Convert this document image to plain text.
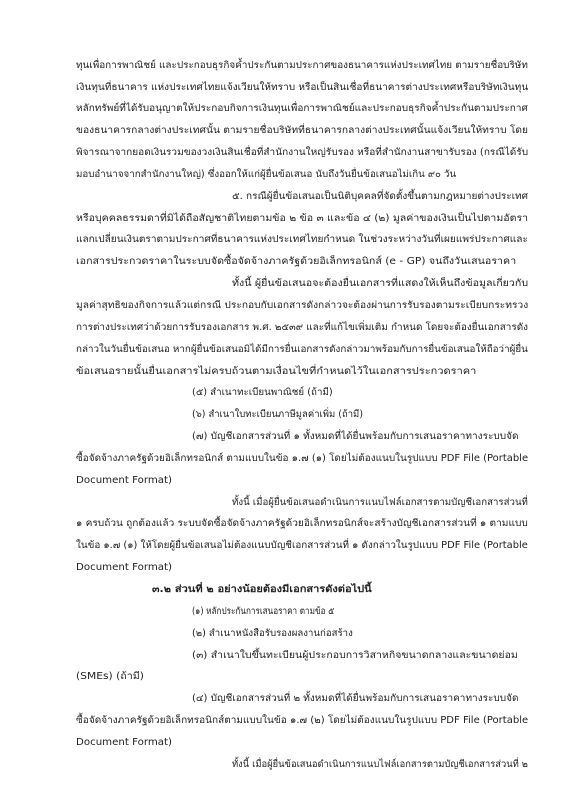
ทุนเพื่อการพาณิชย์ และประกอบธุรกิจค้ำประกันตามประกาศของธนาคารแห่งประเทศไทย ตามรายชื่อบริษัท
เงินทุนที่ธนาคาร แห่งประเทศไทยแจ้งเวียนให้ทราบ หรือเป็นสินเชื่อที่ธนาคารต่างประเทศหรือบริษัทเงินทุน
หลักทรัพย์ที่ได้รับอนุญาตให้ประกอบกิจการเงินทุนเพื่อการพาณิชย์และประกอบธุรกิจค้ำประกันตามประกาศ
ของธนาคารกลางต่างประเทศนั้น ตามรายชื่อบริษัทที่ธนาคารกลางต่างประเทศนั้นแจ้งเวียนให้ทราบ โดย
พิจารณาจากยอดเงินรวมของวงเงินสินเชื่อที่สำนักงานใหญ่รับรอง หรือที่สำนักงานสาขารับรอง (กรณีได้รับ
มอบอำนาจจากสำนักงานใหญ่) ซึ่งออกให้แก่ผู้ยื่นข้อเสนอ นับถึงวันยื่นข้อเสนอไม่เกิน ๙๐ วัน
๕. กรณีผู้ยื่นข้อเสนอเป็นนิติบุคคลที่จัดตั้งขึ้นตามกฎหมายต่างประเทศ
หรือบุคคลธรรมดาที่มิได้ถือสัญชาติไทยตามข้อ ๒ ข้อ ๓ และข้อ ๔ (๒) มูลค่าของเงินเป็นไปตามอัตรา
แลกเปลี่ยนเงินตราตามประกาศที่ธนาคารแห่งประเทศไทยกำหนด ในช่วงระหว่างวันที่เผยแพร่ประกาศและ
เอกสารประกวดราคาในระบบจัดซื้อจัดจ้างภาครัฐด้วยอิเล็กทรอนิกส์ (e - GP) จนถึงวันเสนอราคา
ทั้งนี้ ผู้ยื่นข้อเสนอจะต้องยื่นเอกสารที่แสดงให้เห็นถึงข้อมูลเกี่ยวกับ
มูลค่าสุทธิของกิจการแล้วแต่กรณี ประกอบกับเอกสารดังกล่าวจะต้องผ่านการรับรองตามระเบียบกระทรวง
การต่างประเทศว่าด้วยการรับรองเอกสาร พ.ศ. ๒๕๓๙ และที่แก้ไขเพิ่มเติม กำหนด โดยจะต้องยื่นเอกสารดัง
กล่าวในวันยื่นข้อเสนอ หากผู้ยื่นข้อเสนอมิได้มีการยื่นเอกสารดังกล่าวมาพร้อมกับการยื่นข้อเสนอให้ถือว่าผู้ยื่น
ข้อเสนอรายนั้นยื่นเอกสารไม่ครบถ้วนตามเงื่อนไขที่กำหนดไว้ในเอกสารประกวดราคา
(๕) สำเนาทะเบียนพาณิชย์ (ถ้ามี)
(๖) สำเนาใบทะเบียนภาษีมูลค่าเพิ่ม (ถ้ามี)
(๗) บัญชีเอกสารส่วนที่ ๑ ทั้งหมดที่ได้ยื่นพร้อมกับการเสนอราคาทางระบบจัด
ซื้อจัดจ้างภาครัฐด้วยอิเล็กทรอนิกส์ ตามแบบในข้อ ๑.๗ (๑) โดยไม่ต้องแนบในรูปแบบ PDF File (Portable
Document Format)
ทั้งนี้ เมื่อผู้ยื่นข้อเสนอดำเนินการแนบไฟล์เอกสารตามบัญชีเอกสารส่วนที่
๑ ครบถ้วน ถูกต้องแล้ว ระบบจัดซื้อจัดจ้างภาครัฐด้วยอิเล็กทรอนิกส์จะสร้างบัญชีเอกสารส่วนที่ ๑ ตามแบบ
ในข้อ ๑.๗ (๑) ให้โดยผู้ยื่นข้อเสนอไม่ต้องแนบบัญชีเอกสารส่วนที่ ๑ ดังกล่าวในรูปแบบ PDF File (Portable
Document Format)
๓.๒ ส่วนที่ ๒ อย่างน้อยต้องมีเอกสารดังต่อไปนี้
(๑) หลักประกันการเสนอราคา ตามข้อ ๕
(๒) สำเนาหนังสือรับรองผลงานก่อสร้าง
(๓) สำเนาใบขึ้นทะเบียนผู้ประกอบการวิสาหกิจขนาดกลางและขนาดย่อม
(SMEs) (ถ้ามี)
(๔) บัญชีเอกสารส่วนที่ ๒ ทั้งหมดที่ได้ยื่นพร้อมกับการเสนอราคาทางระบบจัด
ซื้อจัดจ้างภาครัฐด้วยอิเล็กทรอนิกส์ตามแบบในข้อ ๑.๗ (๒) โดยไม่ต้องแนบในรูปแบบ PDF File (Portable
Document Format)
ทั้งนี้ เมื่อผู้ยื่นข้อเสนอดำเนินการแนบไฟล์เอกสารตามบัญชีเอกสารส่วนที่ ๒
